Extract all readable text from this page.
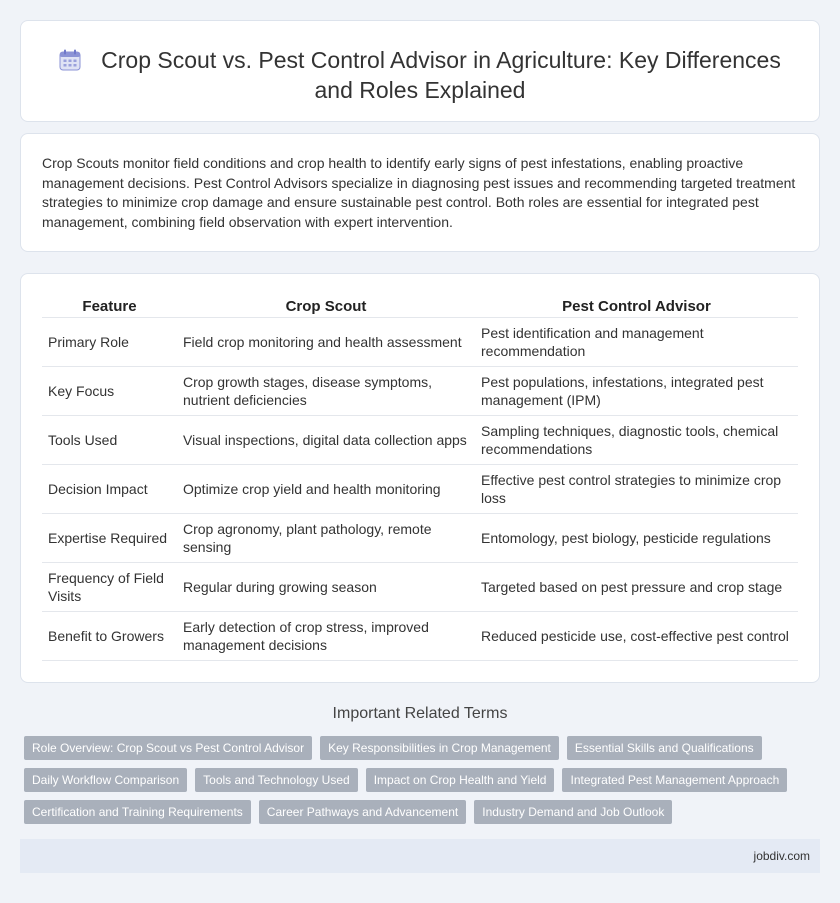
Crop Scout vs. Pest Control Advisor in Agriculture: Key Differences and Roles Explained

Crop Scouts monitor field conditions and crop health to identify early signs of pest infestations, enabling proactive management decisions. Pest Control Advisors specialize in diagnosing pest issues and recommending targeted treatment strategies to minimize crop damage and ensure sustainable pest control. Both roles are essential for integrated pest management, combining field observation with expert intervention.

Feature	Crop Scout	Pest Control Advisor
Primary Role	Field crop monitoring and health assessment	Pest identification and management recommendation
Key Focus	Crop growth stages, disease symptoms, nutrient deficiencies	Pest populations, infestations, integrated pest management (IPM)
Tools Used	Visual inspections, digital data collection apps	Sampling techniques, diagnostic tools, chemical recommendations
Decision Impact	Optimize crop yield and health monitoring	Effective pest control strategies to minimize crop loss
Expertise Required	Crop agronomy, plant pathology, remote sensing	Entomology, pest biology, pesticide regulations
Frequency of Field Visits	Regular during growing season	Targeted based on pest pressure and crop stage
Benefit to Growers	Early detection of crop stress, improved management decisions	Reduced pesticide use, cost-effective pest control
Important Related Terms
Role Overview: Crop Scout vs Pest Control Advisor	Key Responsibilities in Crop Management	Essential Skills and Qualifications
Daily Workflow Comparison	Tools and Technology Used	Impact on Crop Health and Yield	Integrated Pest Management Approach
Certification and Training Requirements	Career Pathways and Advancement	Industry Demand and Job Outlook
jobdiv.com
